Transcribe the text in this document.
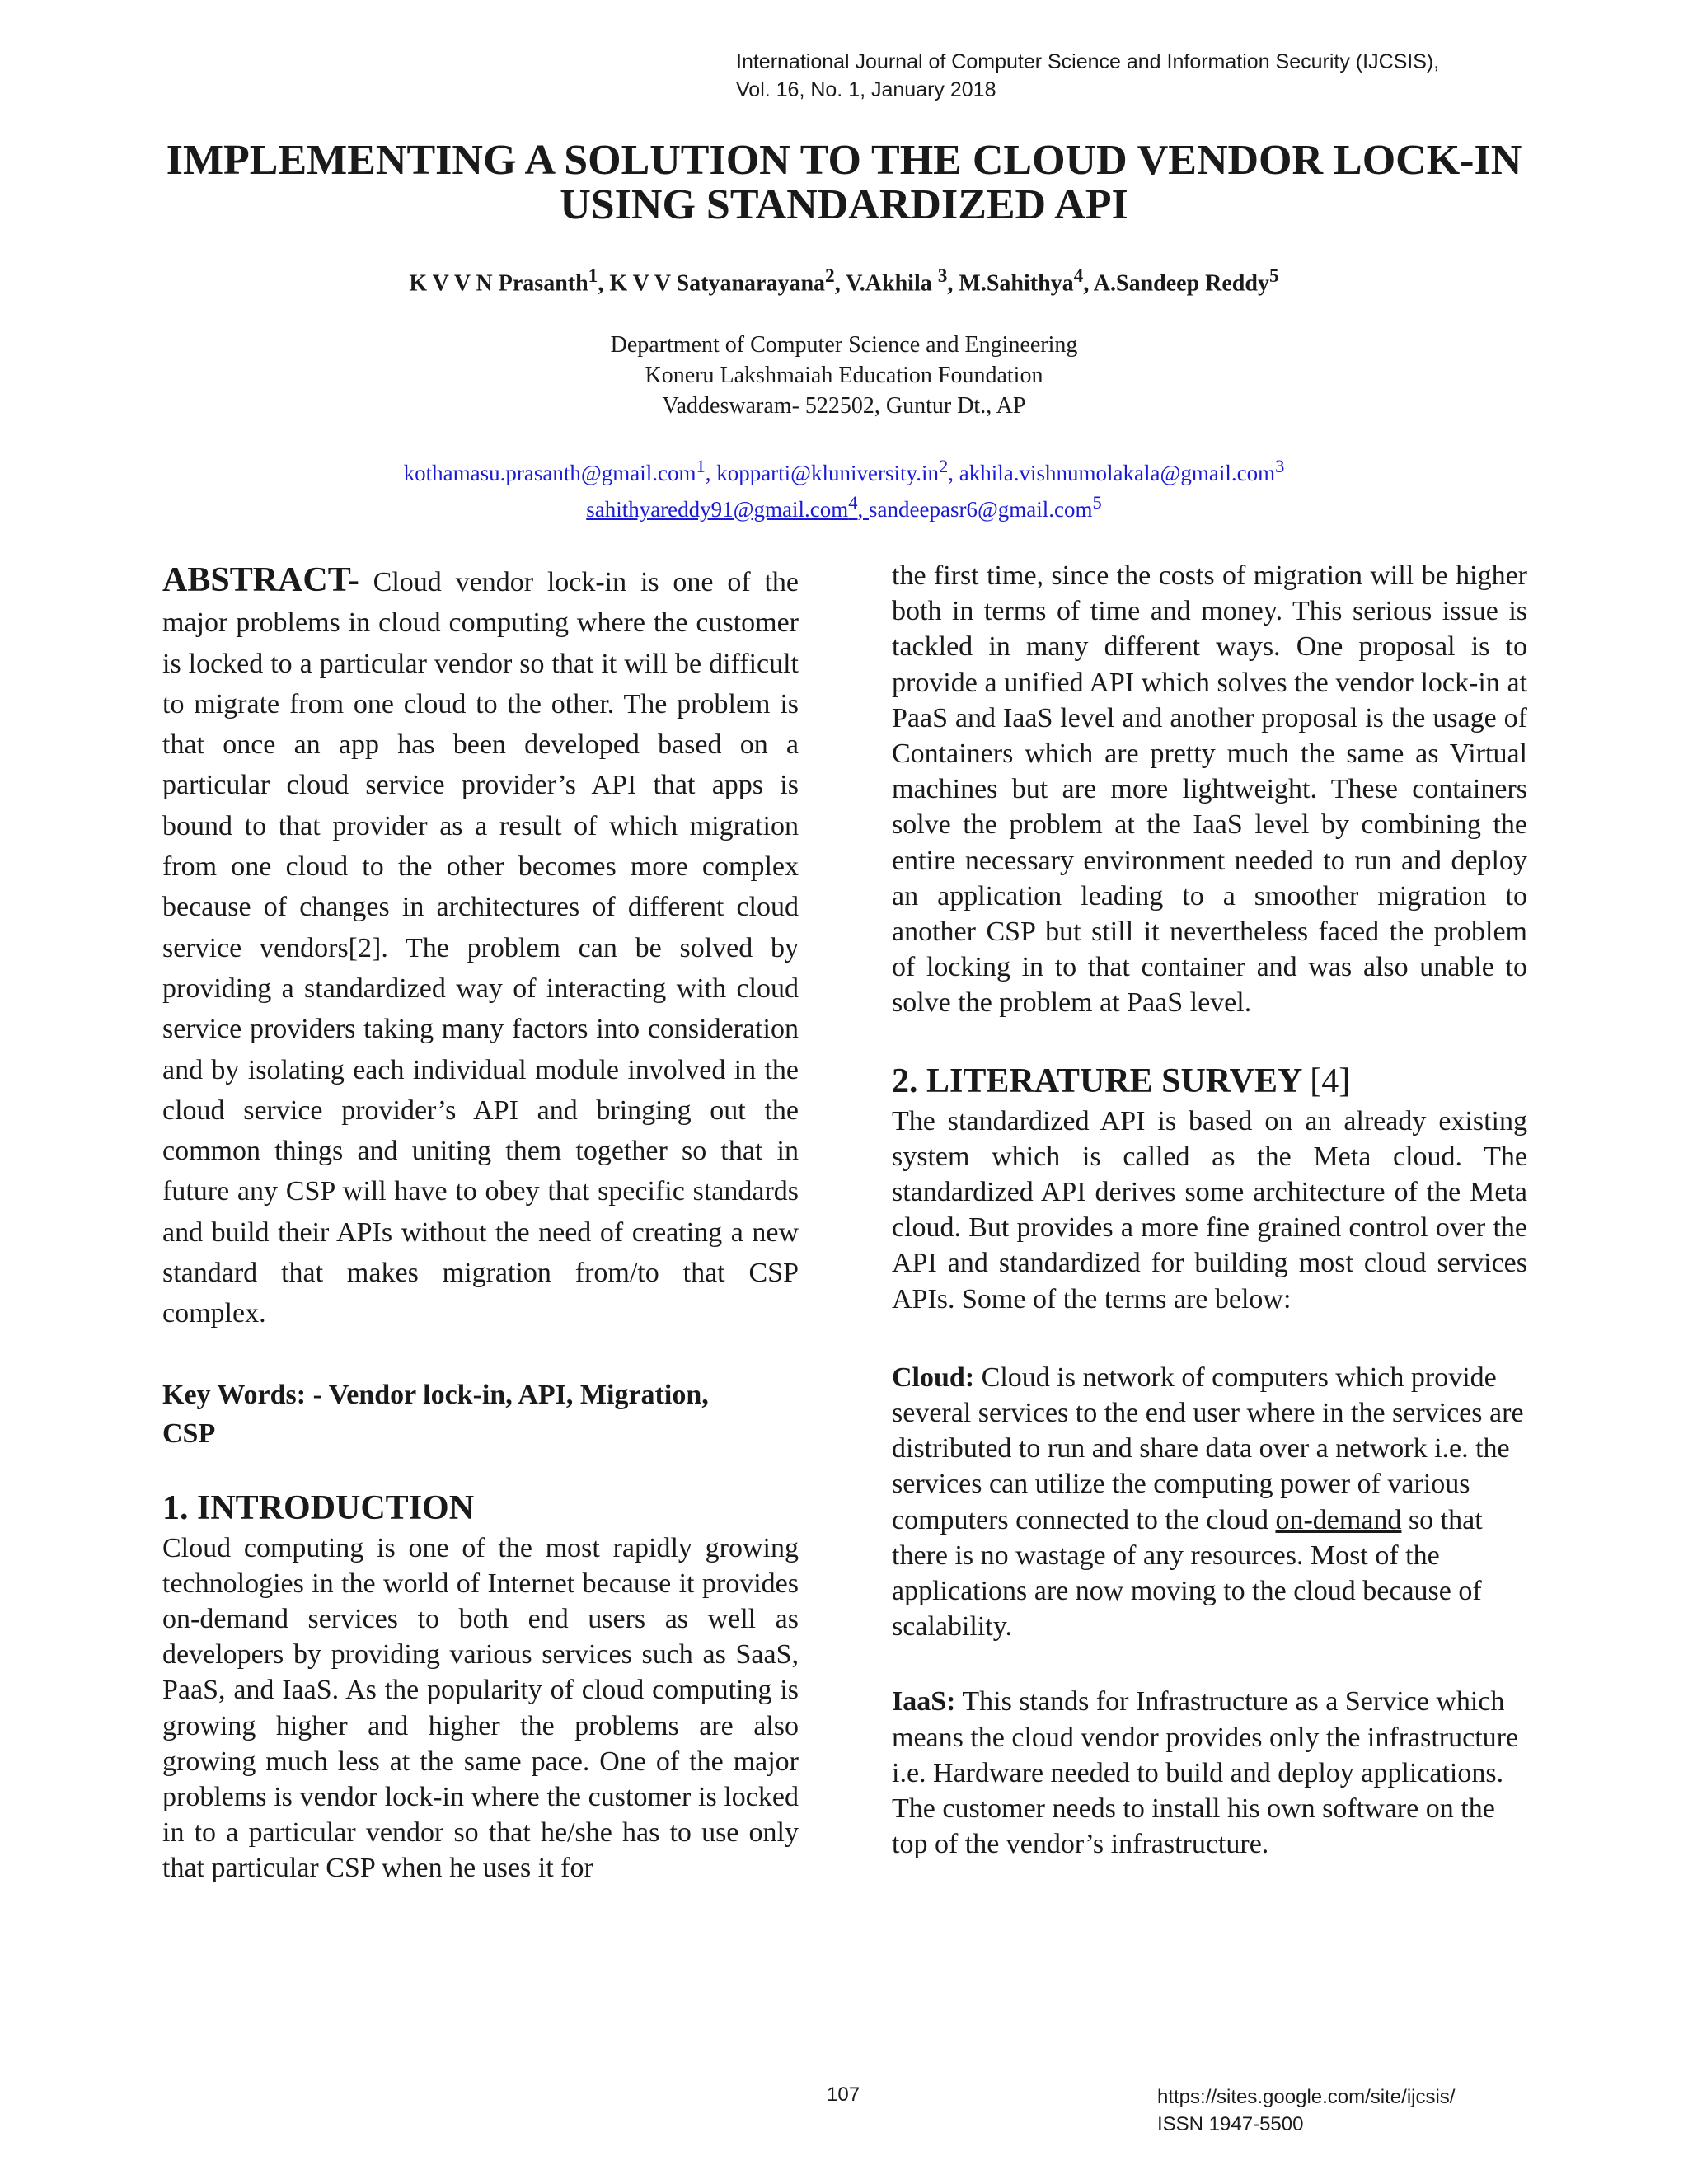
International Journal of Computer Science and Information Security (IJCSIS),
Vol. 16, No. 1, January 2018
IMPLEMENTING A SOLUTION TO THE CLOUD VENDOR LOCK-IN
USING STANDARDIZED API
K V V N Prasanth$^1$, K V V Satyanarayana$^2$, V.Akhila $^3$, M.Sahithya$^4$, A.Sandeep Reddy$^5$
Department of Computer Science and Engineering
Koneru Lakshmaiah Education Foundation
Vaddeswaram- 522502, Guntur Dt., AP
kothamasu.prasanth@gmail.com$^1$, $kopparti@kluniversity.in^2$, akhila.vishnumolakala@gmail.com$^3$
sahithyareddy91@gmail.com$^4$, sandeepasr6@gmail.com$^5$

ABSTRACT- Cloud vendor lock-in is one of the major problems in cloud computing where the customer is locked to a particular vendor so that it will be difficult to migrate from one cloud to the other. The problem is that once an app has been developed based on a particular cloud service provider’s API that apps is bound to that provider as a result of which migration from one cloud to the other becomes more complex because of changes in architectures of different cloud service vendors[2]. The problem can be solved by providing a standardized way of interacting with cloud service providers taking many factors into consideration and by isolating each individual module involved in the cloud service provider’s API and bringing out the common things and uniting them together so that in future any CSP will have to obey that specific standards and build their APIs without the need of creating a new standard that makes migration from/to that CSP complex.

Key Words: - Vendor lock-in, API, Migration,
CSP
1. INTRODUCTION

Cloud computing is one of the most rapidly growing technologies in the world of Internet because it provides on-demand services to both end users as well as developers by providing various services such as SaaS, PaaS, and IaaS. As the popularity of cloud computing is growing higher and higher the problems are also growing much less at the same pace. One of the major problems is vendor lock-in where the customer is locked in to a particular vendor so that he/she has to use only that particular CSP when he uses it for

the first time, since the costs of migration will be higher both in terms of time and money. This serious issue is tackled in many different ways. One proposal is to provide a unified API which solves the vendor lock-in at PaaS and IaaS level and another proposal is the usage of Containers which are pretty much the same as Virtual machines but are more lightweight. These containers solve the problem at the IaaS level by combining the entire necessary environment needed to run and deploy an application leading to a smoother migration to another CSP but still it nevertheless faced the problem of locking in to that container and was also unable to solve the problem at PaaS level.

2. LITERATURE SURVEY [4]

The standardized API is based on an already existing system which is called as the Meta cloud. The standardized API derives some architecture of the Meta cloud. But provides a more fine grained control over the API and standardized for building most cloud services APIs. Some of the terms are below:

Cloud: Cloud is network of computers which provide several services to the end user where in the services are distributed to run and share data over a network i.e. the services can utilize the computing power of various computers connected to the cloud on-demand so that there is no wastage of any resources. Most of the applications are now moving to the cloud because of scalability.

IaaS: This stands for Infrastructure as a Service which means the cloud vendor provides only the infrastructure i.e. Hardware needed to build and deploy applications. The customer needs to install his own software on the top of the vendor’s infrastructure.

107	https://sites.google.com/site/ijcsis/
ISSN 1947-5500
